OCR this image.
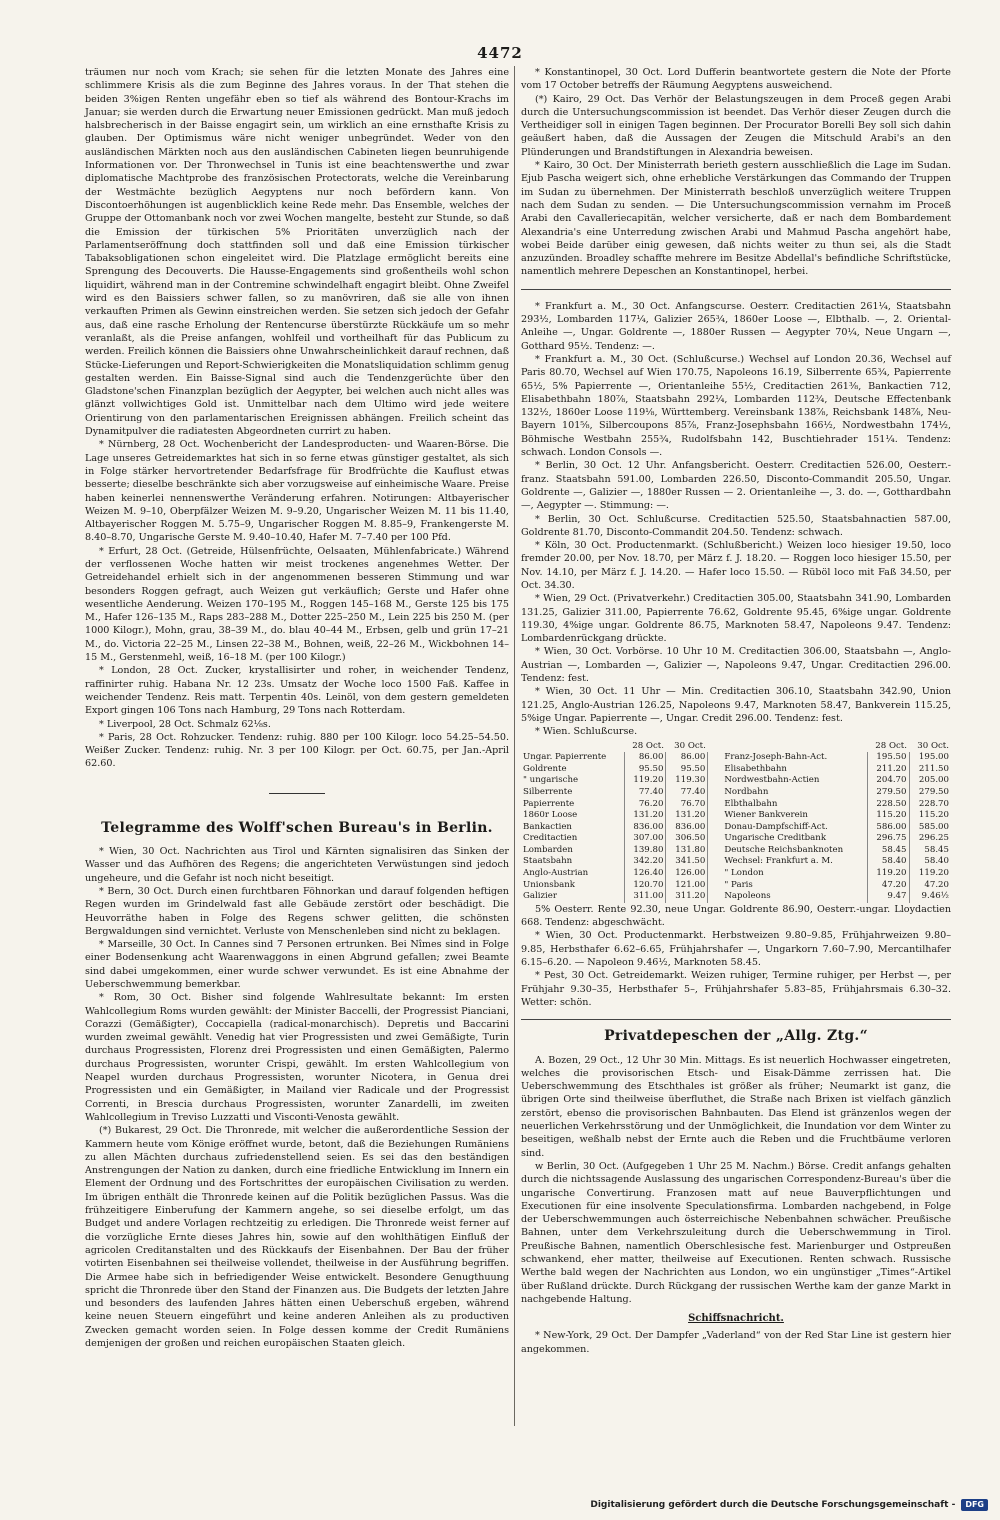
4472

träumen nur noch vom Krach; sie sehen für die letzten Monate des Jahres eine schlimmere Krisis als die zum Beginne des Jahres voraus. In der That stehen die beiden 3%igen Renten ungefähr eben so tief als während des Bontour-Krachs im Januar; sie werden durch die Erwartung neuer Emissionen gedrückt. Man muß jedoch halsbrecherisch in der Baisse engagirt sein, um wirklich an eine ernsthafte Krisis zu glauben. Der Optimismus wäre nicht weniger unbegründet. Weder von den ausländischen Märkten noch aus den ausländischen Cabineten liegen beunruhigende Informationen vor. Der Thronwechsel in Tunis ist eine beachtenswerthe und zwar diplomatische Machtprobe des französischen Protectorats, welche die Vereinbarung der Westmächte bezüglich Aegyptens nur noch befördern kann. Von Discontoerhöhungen ist augenblicklich keine Rede mehr. Das Ensemble, welches der Gruppe der Ottomanbank noch vor zwei Wochen mangelte, besteht zur Stunde, so daß die Emission der türkischen 5% Prioritäten unverzüglich nach der Parlamentseröffnung doch stattfinden soll und daß eine Emission türkischer Tabaksobligationen schon eingeleitet wird. Die Platzlage ermöglicht bereits eine Sprengung des Decouverts. Die Hausse-Engagements sind großentheils wohl schon liquidirt, während man in der Contremine schwindelhaft engagirt bleibt. Ohne Zweifel wird es den Baissiers schwer fallen, so zu manövriren, daß sie alle von ihnen verkauften Primen als Gewinn einstreichen werden. Sie setzen sich jedoch der Gefahr aus, daß eine rasche Erholung der Rentencurse überstürzte Rückkäufe um so mehr veranlaßt, als die Preise anfangen, wohlfeil und vortheilhaft für das Publicum zu werden. Freilich können die Baissiers ohne Unwahrscheinlichkeit darauf rechnen, daß Stücke-Lieferungen und Report-Schwierigkeiten die Monatsliquidation schlimm genug gestalten werden. Ein Baisse-Signal sind auch die Tendenzgerüchte über den Gladstone'schen Finanzplan bezüglich der Aegypter, bei welchen auch nicht alles was glänzt vollwichtiges Gold ist. Unmittelbar nach dem Ultimo wird jede weitere Orientirung von den parlamentarischen Ereignissen abhängen. Freilich scheint das Dynamitpulver die radiatesten Abgeordneten currirt zu haben.

* Nürnberg, 28 Oct. Wochenbericht der Landesproducten- und Waaren-Börse. Die Lage unseres Getreidemarktes hat sich in so ferne etwas günstiger gestaltet, als sich in Folge stärker hervortretender Bedarfsfrage für Brodfrüchte die Kauflust etwas besserte; dieselbe beschränkte sich aber vorzugsweise auf einheimische Waare. Preise haben keinerlei nennenswerthe Veränderung erfahren. Notirungen: Altbayerischer Weizen M. 9–10, Oberpfälzer Weizen M. 9–9.20, Ungarischer Weizen M. 11 bis 11.40, Altbayerischer Roggen M. 5.75–9, Ungarischer Roggen M. 8.85–9, Frankengerste M. 8.40–8.70, Ungarische Gerste M. 9.40–10.40, Hafer M. 7–7.40 per 100 Pfd.

* Erfurt, 28 Oct. (Getreide, Hülsenfrüchte, Oelsaaten, Mühlenfabricate.) Während der verflossenen Woche hatten wir meist trockenes angenehmes Wetter. Der Getreidehandel erhielt sich in der angenommenen besseren Stimmung und war besonders Roggen gefragt, auch Weizen gut verkäuflich; Gerste und Hafer ohne wesentliche Aenderung. Weizen 170–195 M., Roggen 145–168 M., Gerste 125 bis 175 M., Hafer 126–135 M., Raps 283–288 M., Dotter 225–250 M., Lein 225 bis 250 M. (per 1000 Kilogr.), Mohn, grau, 38–39 M., do. blau 40–44 M., Erbsen, gelb und grün 17–21 M., do. Victoria 22–25 M., Linsen 22–38 M., Bohnen, weiß, 22–26 M., Wickbohnen 14–15 M., Gerstenmehl, weiß, 16–18 M. (per 100 Kilogr.)

* London, 28 Oct. Zucker, krystallisirter und roher, in weichender Tendenz, raffinirter ruhig. Habana Nr. 12 23s. Umsatz der Woche loco 1500 Faß. Kaffee in weichender Tendenz. Reis matt. Terpentin 40s. Leinöl, von dem gestern gemeldeten Export gingen 106 Tons nach Hamburg, 29 Tons nach Rotterdam.

* Liverpool, 28 Oct. Schmalz 62⅛s.

* Paris, 28 Oct. Rohzucker. Tendenz: ruhig. 880 per 100 Kilogr. loco 54.25–54.50. Weißer Zucker. Tendenz: ruhig. Nr. 3 per 100 Kilogr. per Oct. 60.75, per Jan.-April 62.60.

Telegramme des Wolff'schen Bureau's in Berlin.

* Wien, 30 Oct. Nachrichten aus Tirol und Kärnten signalisiren das Sinken der Wasser und das Aufhören des Regens; die angerichteten Verwüstungen sind jedoch ungeheure, und die Gefahr ist noch nicht beseitigt.

* Bern, 30 Oct. Durch einen furchtbaren Föhnorkan und darauf folgenden heftigen Regen wurden im Grindelwald fast alle Gebäude zerstört oder beschädigt. Die Heuvorräthe haben in Folge des Regens schwer gelitten, die schönsten Bergwaldungen sind vernichtet. Verluste von Menschenleben sind nicht zu beklagen.

* Marseille, 30 Oct. In Cannes sind 7 Personen ertrunken. Bei Nîmes sind in Folge einer Bodensenkung acht Waarenwaggons in einen Abgrund gefallen; zwei Beamte sind dabei umgekommen, einer wurde schwer verwundet. Es ist eine Abnahme der Ueberschwemmung bemerkbar.

* Rom, 30 Oct. Bisher sind folgende Wahlresultate bekannt: Im ersten Wahlcollegium Roms wurden gewählt: der Minister Baccelli, der Progressist Pianciani, Corazzi (Gemäßigter), Coccapiella (radical-monarchisch). Depretis und Baccarini wurden zweimal gewählt. Venedig hat vier Progressisten und zwei Gemäßigte, Turin durchaus Progressisten, Florenz drei Progressisten und einen Gemäßigten, Palermo durchaus Progressisten, worunter Crispi, gewählt. Im ersten Wahlcollegium von Neapel wurden durchaus Progressisten, worunter Nicotera, in Genua drei Progressisten und ein Gemäßigter, in Mailand vier Radicale und der Progressist Correnti, in Brescia durchaus Progressisten, worunter Zanardelli, im zweiten Wahlcollegium in Treviso Luzzatti und Visconti-Venosta gewählt.

(*) Bukarest, 29 Oct. Die Thronrede, mit welcher die außerordentliche Session der Kammern heute vom Könige eröffnet wurde, betont, daß die Beziehungen Rumäniens zu allen Mächten durchaus zufriedenstellend seien. Es sei das den beständigen Anstrengungen der Nation zu danken, durch eine friedliche Entwicklung im Innern ein Element der Ordnung und des Fortschrittes der europäischen Civilisation zu werden. Im übrigen enthält die Thronrede keinen auf die Politik bezüglichen Passus. Was die frühzeitigere Einberufung der Kammern angehe, so sei dieselbe erfolgt, um das Budget und andere Vorlagen rechtzeitig zu erledigen. Die Thronrede weist ferner auf die vorzügliche Ernte dieses Jahres hin, sowie auf den wohlthätigen Einfluß der agricolen Creditanstalten und des Rückkaufs der Eisenbahnen. Der Bau der früher votirten Eisenbahnen sei theilweise vollendet, theilweise in der Ausführung begriffen. Die Armee habe sich in befriedigender Weise entwickelt. Besondere Genugthuung spricht die Thronrede über den Stand der Finanzen aus. Die Budgets der letzten Jahre und besonders des laufenden Jahres hätten einen Ueberschuß ergeben, während keine neuen Steuern eingeführt und keine anderen Anleihen als zu productiven Zwecken gemacht worden seien. In Folge dessen komme der Credit Rumäniens demjenigen der großen und reichen europäischen Staaten gleich.

* Konstantinopel, 30 Oct. Lord Dufferin beantwortete gestern die Note der Pforte vom 17 October betreffs der Räumung Aegyptens ausweichend.

(*) Kairo, 29 Oct. Das Verhör der Belastungszeugen in dem Proceß gegen Arabi durch die Untersuchungscommission ist beendet. Das Verhör dieser Zeugen durch die Vertheidiger soll in einigen Tagen beginnen. Der Procurator Borelli Bey soll sich dahin geäußert haben, daß die Aussagen der Zeugen die Mitschuld Arabi's an den Plünderungen und Brandstiftungen in Alexandria beweisen.

* Kairo, 30 Oct. Der Ministerrath berieth gestern ausschließlich die Lage im Sudan. Ejub Pascha weigert sich, ohne erhebliche Verstärkungen das Commando der Truppen im Sudan zu übernehmen. Der Ministerrath beschloß unverzüglich weitere Truppen nach dem Sudan zu senden. — Die Untersuchungscommission vernahm im Proceß Arabi den Cavalleriecapitän, welcher versicherte, daß er nach dem Bombardement Alexandria's eine Unterredung zwischen Arabi und Mahmud Pascha angehört habe, wobei Beide darüber einig gewesen, daß nichts weiter zu thun sei, als die Stadt anzuzünden. Broadley schaffte mehrere im Besitze Abdellal's befindliche Schriftstücke, namentlich mehrere Depeschen an Konstantinopel, herbei.

* Frankfurt a. M., 30 Oct. Anfangscurse. Oesterr. Creditactien 261¼, Staatsbahn 293½, Lombarden 117¼, Galizier 265¾, 1860er Loose —, Elbthalb. —, 2. Oriental-Anleihe —, Ungar. Goldrente —, 1880er Russen — Aegypter 70¼, Neue Ungarn —, Gotthard 95½. Tendenz: —.

* Frankfurt a. M., 30 Oct. (Schlußcurse.) Wechsel auf London 20.36, Wechsel auf Paris 80.70, Wechsel auf Wien 170.75, Napoleons 16.19, Silberrente 65¾, Papierrente 65½, 5% Papierrente —, Orientanleihe 55½, Creditactien 261⅜, Bankactien 712, Elisabethbahn 180⅞, Staatsbahn 292¼, Lombarden 112¾, Deutsche Effectenbank 132½, 1860er Loose 119⅛, Württemberg. Vereinsbank 138⅞, Reichsbank 148⅞, Neu-Bayern 101⅝, Silbercoupons 85⅞, Franz-Josephsbahn 166½, Nordwestbahn 174½, Böhmische Westbahn 255¾, Rudolfsbahn 142, Buschtiehrader 151¼. Tendenz: schwach. London Consols —.

* Berlin, 30 Oct. 12 Uhr. Anfangsbericht. Oesterr. Creditactien 526.00, Oesterr.-franz. Staatsbahn 591.00, Lombarden 226.50, Disconto-Commandit 205.50, Ungar. Goldrente —, Galizier —, 1880er Russen — 2. Orientanleihe —, 3. do. —, Gotthardbahn —, Aegypter —. Stimmung: —.

* Berlin, 30 Oct. Schlußcurse. Creditactien 525.50, Staatsbahnactien 587.00, Goldrente 81.70, Disconto-Commandit 204.50. Tendenz: schwach.

* Köln, 30 Oct. Productenmarkt. (Schlußbericht.) Weizen loco hiesiger 19.50, loco fremder 20.00, per Nov. 18.70, per März f. J. 18.20. — Roggen loco hiesiger 15.50, per Nov. 14.10, per März f. J. 14.20. — Hafer loco 15.50. — Rüböl loco mit Faß 34.50, per Oct. 34.30.

* Wien, 29 Oct. (Privatverkehr.) Creditactien 305.00, Staatsbahn 341.90, Lombarden 131.25, Galizier 311.00, Papierrente 76.62, Goldrente 95.45, 6%ige ungar. Goldrente 119.30, 4%ige ungar. Goldrente 86.75, Marknoten 58.47, Napoleons 9.47. Tendenz: Lombardenrückgang drückte.

* Wien, 30 Oct. Vorbörse. 10 Uhr 10 M. Creditactien 306.00, Staatsbahn —, Anglo-Austrian —, Lombarden —, Galizier —, Napoleons 9.47, Ungar. Creditactien 296.00. Tendenz: fest.

* Wien, 30 Oct. 11 Uhr — Min. Creditactien 306.10, Staatsbahn 342.90, Union 121.25, Anglo-Austrian 126.25, Napoleons 9.47, Marknoten 58.47, Bankverein 115.25, 5%ige Ungar. Papierrente —, Ungar. Credit 296.00. Tendenz: fest.

* Wien. Schlußcurse.

	28 Oct.	30 Oct.			28 Oct.	30 Oct.
Ungar. Papierrente	86.00	86.00		Franz-Joseph-Bahn-Act.	195.50	195.00
Goldrente	95.50	95.50		Elisabethbahn	211.20	211.50
" ungarische	119.20	119.30		Nordwestbahn-Actien	204.70	205.00
Silberrente	77.40	77.40		Nordbahn	279.50	279.50
Papierrente	76.20	76.70		Elbthalbahn	228.50	228.70
1860r Loose	131.20	131.20		Wiener Bankverein	115.20	115.20
Bankactien	836.00	836.00		Donau-Dampfschiff-Act.	586.00	585.00
Creditactien	307.00	306.50		Ungarische Creditbank	296.75	296.25
Lombarden	139.80	131.80		Deutsche Reichsbanknoten	58.45	58.45
Staatsbahn	342.20	341.50		Wechsel: Frankfurt a. M.	58.40	58.40
Anglo-Austrian	126.40	126.00		" London	119.20	119.20
Unionsbank	120.70	121.00		" Paris	47.20	47.20
Galizier	311.00	311.20		Napoleons	9.47	9.46½

5% Oesterr. Rente 92.30, neue Ungar. Goldrente 86.90, Oesterr.-ungar. Lloydactien 668. Tendenz: abgeschwächt.

* Wien, 30 Oct. Productenmarkt. Herbstweizen 9.80–9.85, Frühjahrweizen 9.80–9.85, Herbsthafer 6.62–6.65, Frühjahrshafer —, Ungarkorn 7.60–7.90, Mercantilhafer 6.15–6.20. — Napoleon 9.46½, Marknoten 58.45.

* Pest, 30 Oct. Getreidemarkt. Weizen ruhiger, Termine ruhiger, per Herbst —, per Frühjahr 9.30–35, Herbsthafer 5–, Frühjahrshafer 5.83–85, Frühjahrsmais 6.30–32. Wetter: schön.

Privatdepeschen der „Allg. Ztg.“

A. Bozen, 29 Oct., 12 Uhr 30 Min. Mittags. Es ist neuerlich Hochwasser eingetreten, welches die provisorischen Etsch- und Eisak-Dämme zerrissen hat. Die Ueberschwemmung des Etschthales ist größer als früher; Neumarkt ist ganz, die übrigen Orte sind theilweise überfluthet, die Straße nach Brixen ist vielfach gänzlich zerstört, ebenso die provisorischen Bahnbauten. Das Elend ist gränzenlos wegen der neuerlichen Verkehrsstörung und der Unmöglichkeit, die Inundation vor dem Winter zu beseitigen, weßhalb nebst der Ernte auch die Reben und die Fruchtbäume verloren sind.

w Berlin, 30 Oct. (Aufgegeben 1 Uhr 25 M. Nachm.) Börse. Credit anfangs gehalten durch die nichtssagende Auslassung des ungarischen Correspondenz-Bureau's über die ungarische Convertirung. Franzosen matt auf neue Bauverpflichtungen und Executionen für eine insolvente Speculationsfirma. Lombarden nachgebend, in Folge der Ueberschwemmungen auch österreichische Nebenbahnen schwächer. Preußische Bahnen, unter dem Verkehrszuleitung durch die Ueberschwemmung in Tirol. Preußische Bahnen, namentlich Oberschlesische fest. Marienburger und Ostpreußen schwankend, eher matter, theilweise auf Executionen. Renten schwach. Russische Werthe bald wegen der Nachrichten aus London, wo ein ungünstiger „Times“-Artikel über Rußland drückte. Durch Rückgang der russischen Werthe kam der ganze Markt in nachgebende Haltung.

Schiffsnachricht.

* New-York, 29 Oct. Der Dampfer „Vaderland“ von der Red Star Line ist gestern hier angekommen.

Digitalisierung gefördert durch die Deutsche Forschungsgemeinschaft -	DFG
